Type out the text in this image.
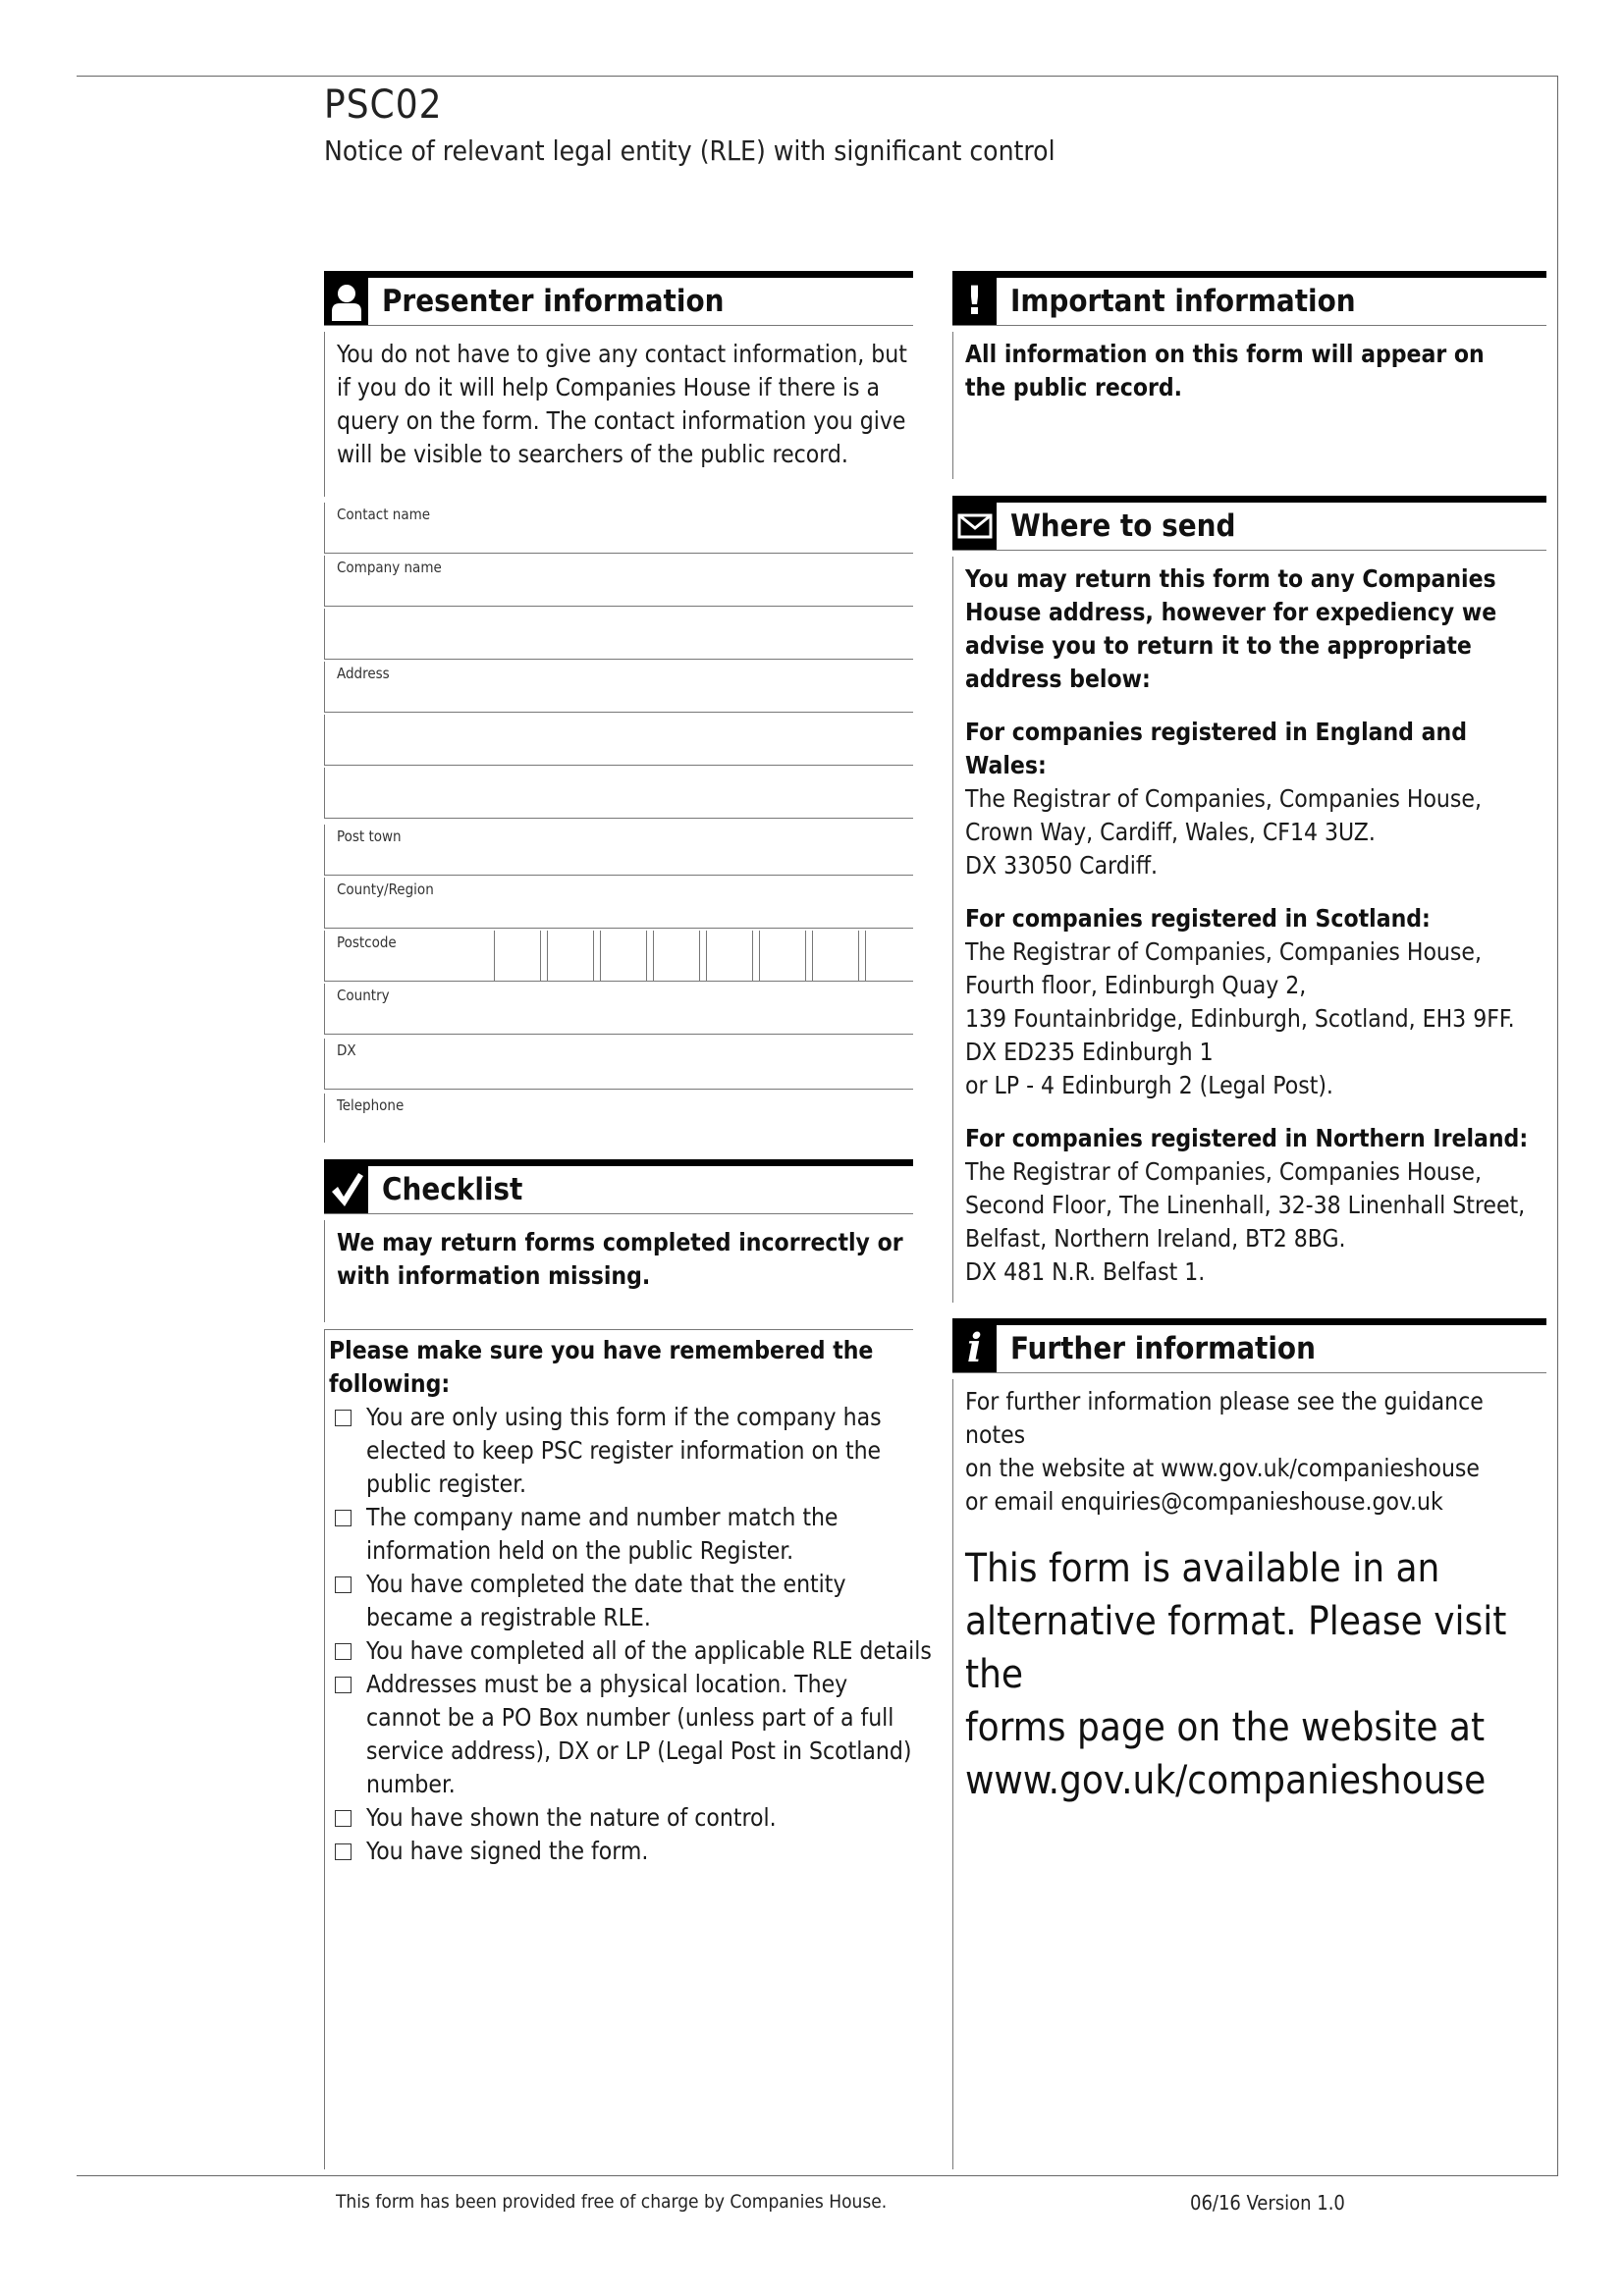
PSC02
Notice of relevant legal entity (RLE) with significant control
Presenter information
You do not have to give any contact information, but if you do it will help Companies House if there is a query on the form. The contact information you give will be visible to searchers of the public record.
Contact name
Company name
Address
Post town
County/Region
Postcode
Country
DX
Telephone
Checklist
We may return forms completed incorrectly or with information missing.
Please make sure you have remembered the following:
You are only using this form if the company has elected to keep PSC register information on the public register.
The company name and number match the information held on the public Register.
You have completed the date that the entity became a registrable RLE.
You have completed all of the applicable RLE details
Addresses must be a physical location. They cannot be a PO Box number (unless part of a full service address), DX or LP (Legal Post in Scotland) number.
You have shown the nature of control.
You have signed the form.
! Important information
All information on this form will appear on the public record.
Where to send
You may return this form to any Companies House address, however for expediency we advise you to return it to the appropriate address below:
For companies registered in England and Wales:
The Registrar of Companies, Companies House,
Crown Way, Cardiff, Wales, CF14 3UZ.
DX 33050 Cardiff.
For companies registered in Scotland:
The Registrar of Companies, Companies House,
Fourth floor, Edinburgh Quay 2,
139 Fountainbridge, Edinburgh, Scotland, EH3 9FF.
DX ED235 Edinburgh 1
or LP - 4 Edinburgh 2 (Legal Post).
For companies registered in Northern Ireland:
The Registrar of Companies, Companies House,
Second Floor, The Linenhall, 32-38 Linenhall Street,
Belfast, Northern Ireland, BT2 8BG.
DX 481 N.R. Belfast 1.
i Further information
For further information please see the guidance notes
on the website at www.gov.uk/companieshouse
or email enquiries@companieshouse.gov.uk
This form is available in an
alternative format. Please visit the
forms page on the website at
www.gov.uk/companieshouse
This form has been provided free of charge by Companies House.	06/16 Version 1.0
